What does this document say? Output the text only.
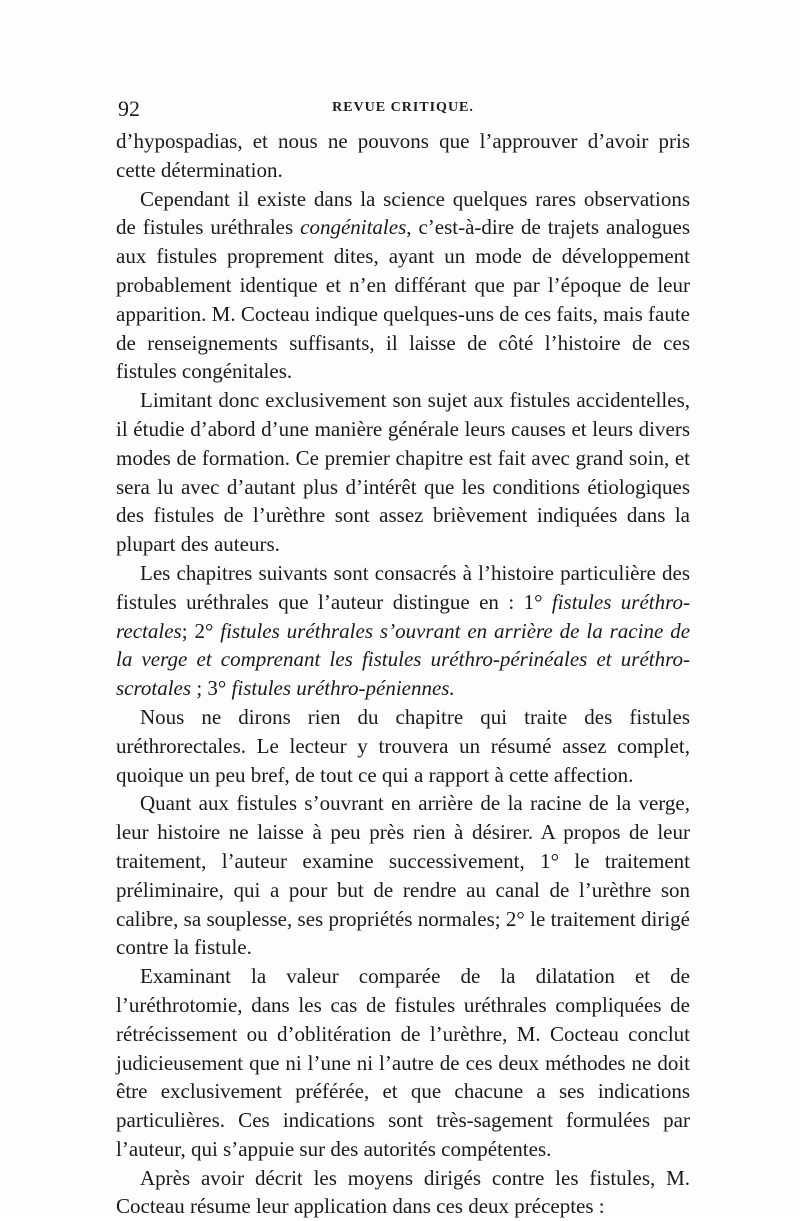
92	REVUE CRITIQUE.

d’hypospadias, et nous ne pouvons que l’approuver d’avoir pris cette détermination.

Cependant il existe dans la science quelques rares observations de fistules uréthrales congénitales, c’est-à-dire de trajets analogues aux fistules proprement dites, ayant un mode de développement probablement identique et n’en différant que par l’époque de leur apparition. M. Cocteau indique quelques-uns de ces faits, mais faute de renseignements suffisants, il laisse de côté l’histoire de ces fistules congénitales.

Limitant donc exclusivement son sujet aux fistules accidentelles, il étudie d’abord d’une manière générale leurs causes et leurs divers modes de formation. Ce premier chapitre est fait avec grand soin, et sera lu avec d’autant plus d’intérêt que les conditions étiologiques des fistules de l’urèthre sont assez brièvement indiquées dans la plupart des auteurs.

Les chapitres suivants sont consacrés à l’histoire particulière des fistules uréthrales que l’auteur distingue en : 1° fistules uréthro-rectales; 2° fistules uréthrales s’ouvrant en arrière de la racine de la verge et comprenant les fistules uréthro-périnéales et uréthro-scrotales ; 3° fistules uréthro-péniennes.

Nous ne dirons rien du chapitre qui traite des fistules uréthrorectales. Le lecteur y trouvera un résumé assez complet, quoique un peu bref, de tout ce qui a rapport à cette affection.

Quant aux fistules s’ouvrant en arrière de la racine de la verge, leur histoire ne laisse à peu près rien à désirer. A propos de leur traitement, l’auteur examine successivement, 1° le traitement préliminaire, qui a pour but de rendre au canal de l’urèthre son calibre, sa souplesse, ses propriétés normales; 2° le traitement dirigé contre la fistule.

Examinant la valeur comparée de la dilatation et de l’uréthrotomie, dans les cas de fistules uréthrales compliquées de rétrécissement ou d’oblitération de l’urèthre, M. Cocteau conclut judicieusement que ni l’une ni l’autre de ces deux méthodes ne doit être exclusivement préférée, et que chacune a ses indications particulières. Ces indications sont très-sagement formulées par l’auteur, qui s’appuie sur des autorités compétentes.

Après avoir décrit les moyens dirigés contre les fistules, M. Cocteau résume leur application dans ces deux préceptes :
